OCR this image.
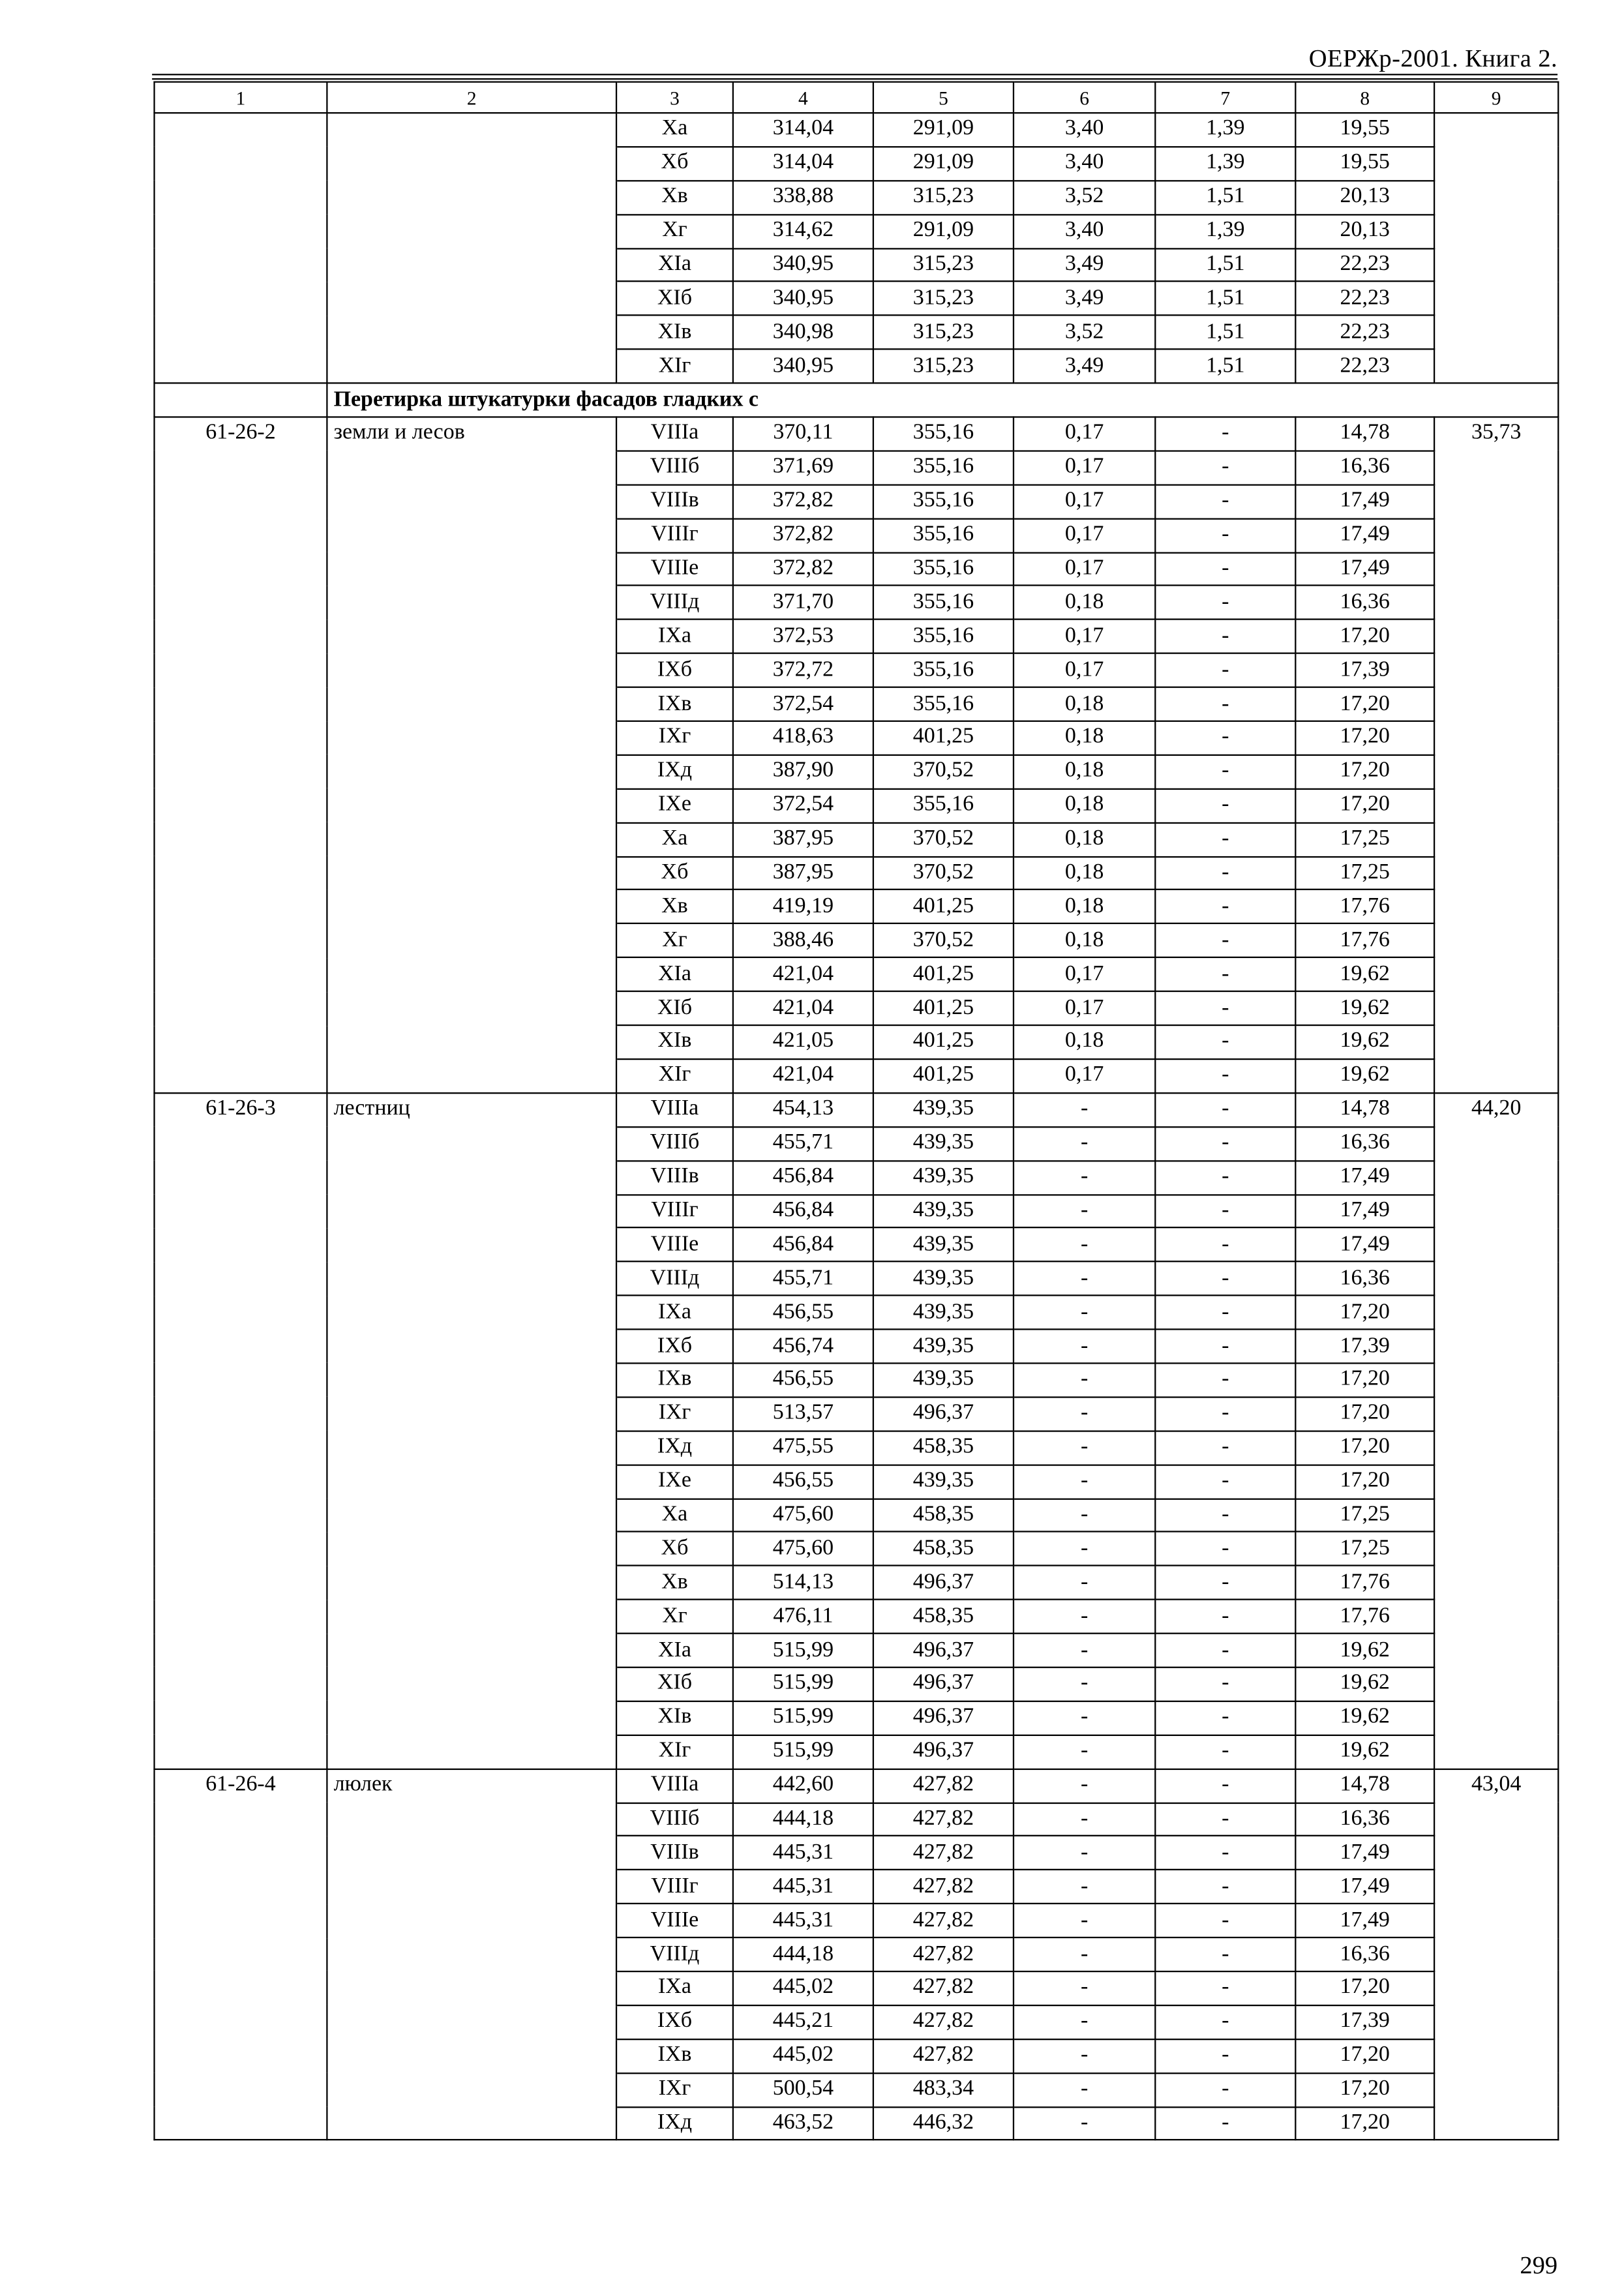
ОЕРЖр-2001. Книга 2.
1	2	3	4	5	6	7	8	9
		Xa	314,04	291,09	3,40	1,39	19,55	
		Xб	314,04	291,09	3,40	1,39	19,55	
		Xв	338,88	315,23	3,52	1,51	20,13	
		Xг	314,62	291,09	3,40	1,39	20,13	
		XIa	340,95	315,23	3,49	1,51	22,23	
		XIб	340,95	315,23	3,49	1,51	22,23	
		XIв	340,98	315,23	3,52	1,51	22,23	
		XIг	340,95	315,23	3,49	1,51	22,23	
	Перетирка штукатурки фасадов гладких с							
61-26-2	земли и лесов	VIIIa	370,11	355,16	0,17	-	14,78	35,73
		VIIIб	371,69	355,16	0,17	-	16,36	
		VIIIв	372,82	355,16	0,17	-	17,49	
		VIIIг	372,82	355,16	0,17	-	17,49	
		VIIIe	372,82	355,16	0,17	-	17,49	
		VIIIд	371,70	355,16	0,18	-	16,36	
		IXa	372,53	355,16	0,17	-	17,20	
		IXб	372,72	355,16	0,17	-	17,39	
		IXв	372,54	355,16	0,18	-	17,20	
		IXг	418,63	401,25	0,18	-	17,20	
		IXд	387,90	370,52	0,18	-	17,20	
		IXe	372,54	355,16	0,18	-	17,20	
		Xa	387,95	370,52	0,18	-	17,25	
		Xб	387,95	370,52	0,18	-	17,25	
		Xв	419,19	401,25	0,18	-	17,76	
		Xг	388,46	370,52	0,18	-	17,76	
		XIa	421,04	401,25	0,17	-	19,62	
		XIб	421,04	401,25	0,17	-	19,62	
		XIв	421,05	401,25	0,18	-	19,62	
		XIг	421,04	401,25	0,17	-	19,62	
61-26-3	лестниц	VIIIa	454,13	439,35	-	-	14,78	44,20
		VIIIб	455,71	439,35	-	-	16,36	
		VIIIв	456,84	439,35	-	-	17,49	
		VIIIг	456,84	439,35	-	-	17,49	
		VIIIe	456,84	439,35	-	-	17,49	
		VIIIд	455,71	439,35	-	-	16,36	
		IXa	456,55	439,35	-	-	17,20	
		IXб	456,74	439,35	-	-	17,39	
		IXв	456,55	439,35	-	-	17,20	
		IXг	513,57	496,37	-	-	17,20	
		IXд	475,55	458,35	-	-	17,20	
		IXe	456,55	439,35	-	-	17,20	
		Xa	475,60	458,35	-	-	17,25	
		Xб	475,60	458,35	-	-	17,25	
		Xв	514,13	496,37	-	-	17,76	
		Xг	476,11	458,35	-	-	17,76	
		XIa	515,99	496,37	-	-	19,62	
		XIб	515,99	496,37	-	-	19,62	
		XIв	515,99	496,37	-	-	19,62	
		XIг	515,99	496,37	-	-	19,62	
61-26-4	люлек	VIIIa	442,60	427,82	-	-	14,78	43,04
		VIIIб	444,18	427,82	-	-	16,36	
		VIIIв	445,31	427,82	-	-	17,49	
		VIIIг	445,31	427,82	-	-	17,49	
		VIIIe	445,31	427,82	-	-	17,49	
		VIIIд	444,18	427,82	-	-	16,36	
		IXa	445,02	427,82	-	-	17,20	
		IXб	445,21	427,82	-	-	17,39	
		IXв	445,02	427,82	-	-	17,20	
		IXг	500,54	483,34	-	-	17,20	
		IXд	463,52	446,32	-	-	17,20	
299
